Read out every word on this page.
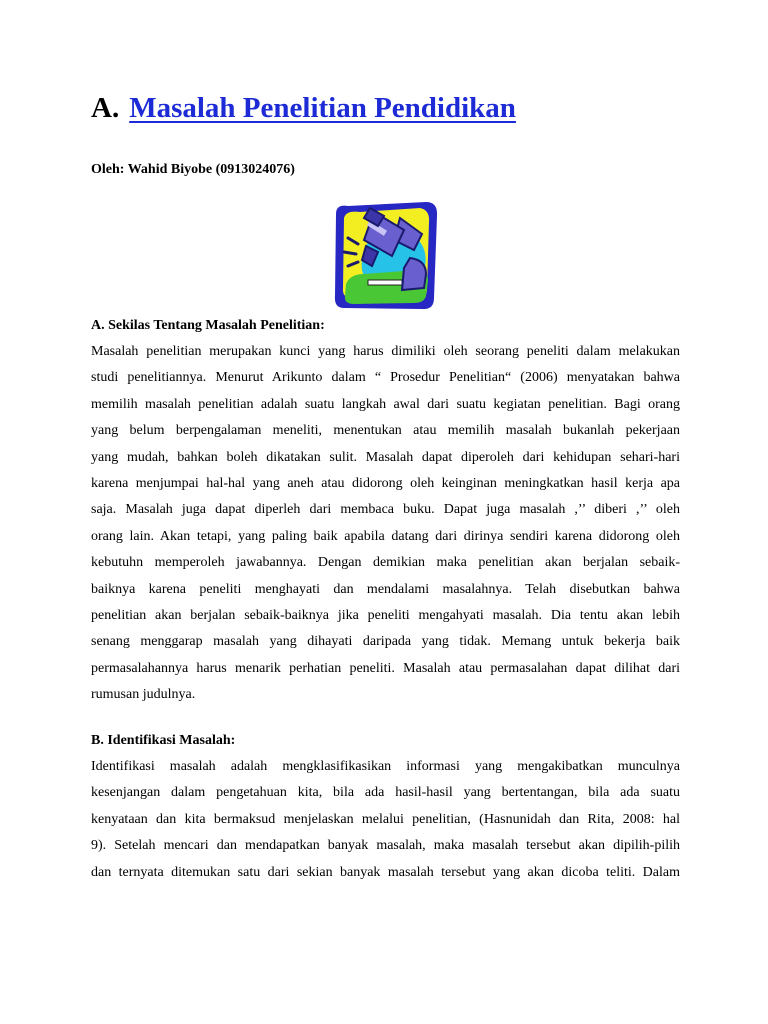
A. Masalah Penelitian Pendidikan
Oleh: Wahid Biyobe (0913024076)
A. Sekilas Tentang Masalah Penelitian:

Masalah penelitian merupakan kunci yang harus dimiliki oleh seorang peneliti dalam melakukan
studi penelitiannya. Menurut Arikunto dalam “ Prosedur Penelitian“ (2006) menyatakan bahwa
memilih masalah penelitian adalah suatu langkah awal dari suatu kegiatan penelitian. Bagi orang
yang belum berpengalaman meneliti, menentukan atau memilih masalah bukanlah pekerjaan
yang mudah, bahkan boleh dikatakan sulit. Masalah dapat diperoleh dari kehidupan sehari-hari
karena menjumpai hal-hal yang aneh atau didorong oleh keinginan meningkatkan hasil kerja apa
saja. Masalah juga dapat diperleh dari membaca buku. Dapat juga masalah ,’’ diberi ,’’ oleh
orang lain. Akan tetapi, yang paling baik apabila datang dari dirinya sendiri karena didorong oleh
kebutuhn memperoleh jawabannya. Dengan demikian maka penelitian akan berjalan sebaik-
baiknya karena peneliti menghayati dan mendalami masalahnya. Telah disebutkan bahwa
penelitian akan berjalan sebaik-baiknya jika peneliti mengahyati masalah. Dia tentu akan lebih
senang menggarap masalah yang dihayati daripada yang tidak. Memang untuk bekerja baik
permasalahannya harus menarik perhatian peneliti. Masalah atau permasalahan dapat dilihat dari
rumusan judulnya.

B. Identifikasi Masalah:

Identifikasi masalah adalah mengklasifikasikan informasi yang mengakibatkan munculnya
kesenjangan dalam pengetahuan kita, bila ada hasil-hasil yang bertentangan, bila ada suatu
kenyataan dan kita bermaksud menjelaskan melalui penelitian, (Hasnunidah dan Rita, 2008: hal
9). Setelah mencari dan mendapatkan banyak masalah, maka masalah tersebut akan dipilih-pilih
dan ternyata ditemukan satu dari sekian banyak masalah tersebut yang akan dicoba teliti. Dalam
